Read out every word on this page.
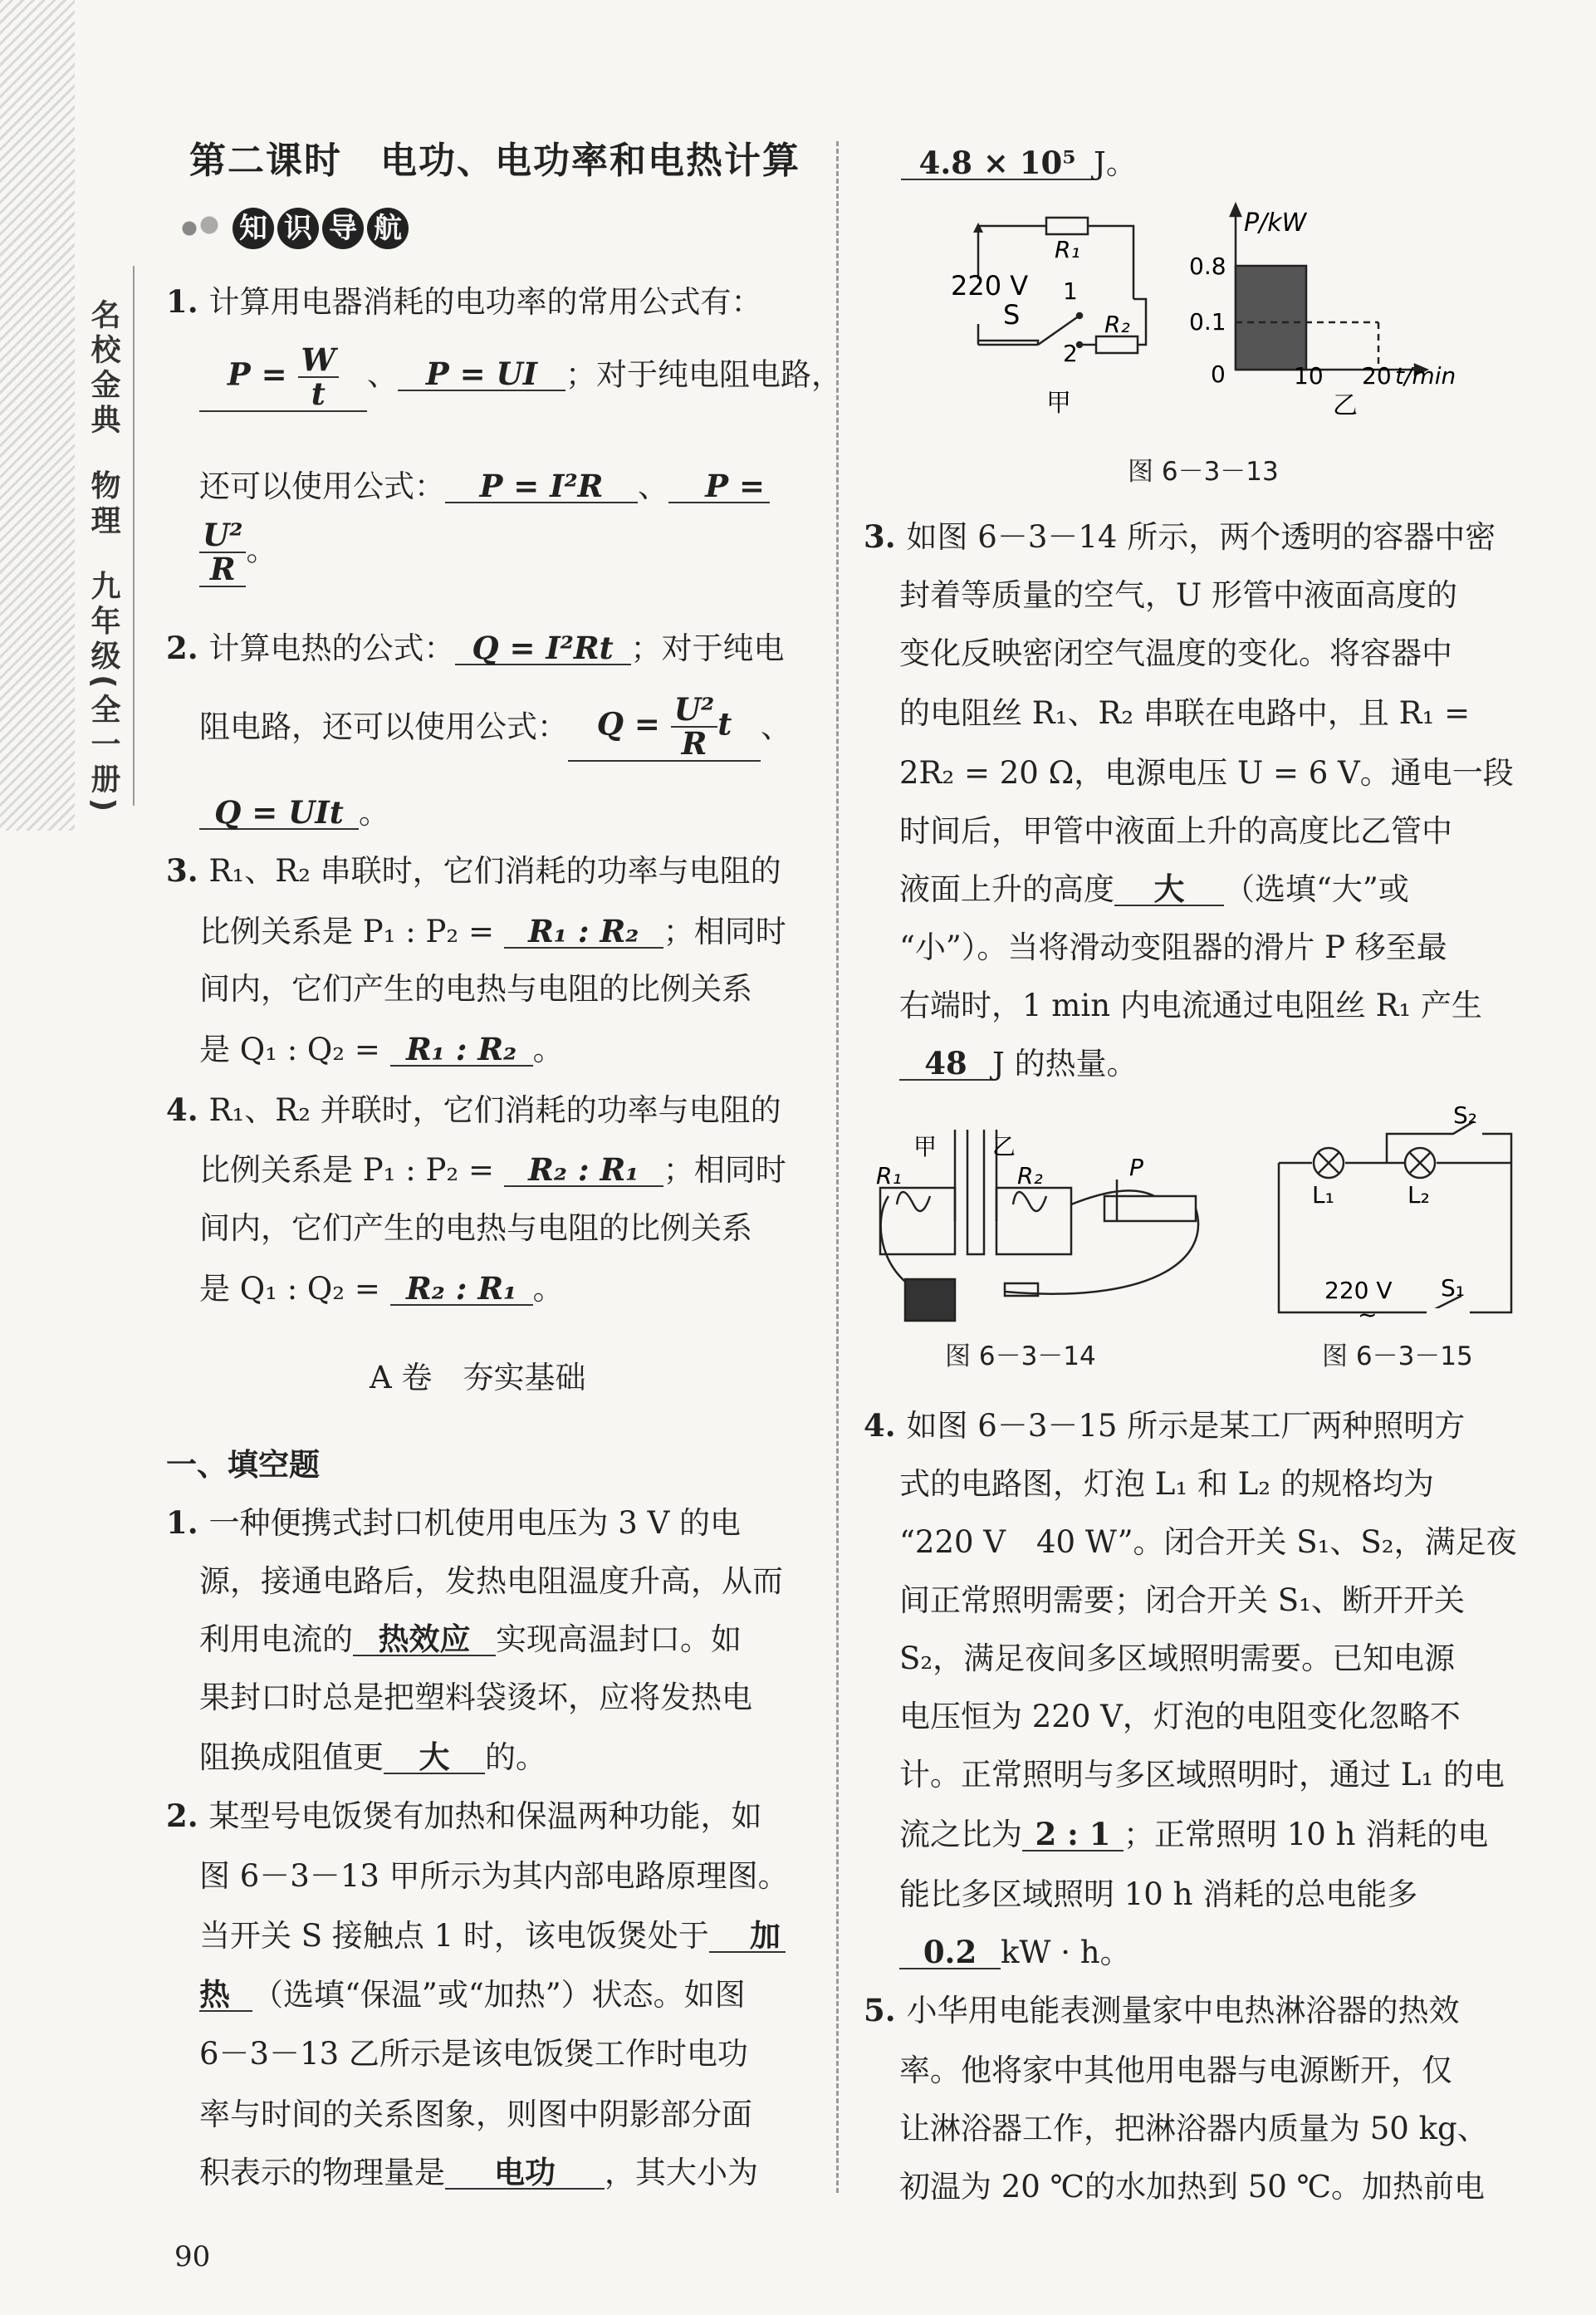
名校金典  物理  九年级(全一册)
第二课时　电功、电功率和电热计算
知 识 导 航
1. 计算用电器消耗的电功率的常用公式有：
$P = \frac{W}{t}$ 、 P = UI ；对于纯电阻电路，
还可以使用公式： P = I²R 、 P =
$\frac{\text{U²}}{R}$ 。
2. 计算电热的公式： Q = I²Rt ；对于纯电
阻电路，还可以使用公式： $Q = \frac{\text{U²}}{R}$ t 、
Q = UIt 。
3. R₁、R₂ 串联时，它们消耗的功率与电阻的
比例关系是 P₁ : P₂ = R₁ : R₂ ；相同时
间内，它们产生的电热与电阻的比例关系
是 Q₁ : Q₂ = R₁ : R₂ 。
4. R₁、R₂ 并联时，它们消耗的功率与电阻的
比例关系是 P₁ : P₂ = R₂ : R₁ ；相同时
间内，它们产生的电热与电阻的比例关系
是 Q₁ : Q₂ = R₂ : R₁ 。
A 卷　夯实基础
一、填空题
1. 一种便携式封口机使用电压为 3 V 的电
源，接通电路后，发热电阻温度升高，从而
利用电流的 热效应 实现高温封口。如
果封口时总是把塑料袋烫坏，应将发热电
阻换成阻值更 大 的。
2. 某型号电饭煲有加热和保温两种功能，如
图 6－3－13 甲所示为其内部电路原理图。
当开关 S 接触点 1 时，该电饭煲处于 加
热 （选填“保温”或“加热”）状态。如图
6－3－13 乙所示是该电饭煲工作时电功
率与时间的关系图象，则图中阴影部分面
积表示的物理量是 电功 ，其大小为
4.8 × 10⁵ J。
220 V
S
R₁
1
2
R₂
甲
P/kW
0.8
0.1
0	10 20 t/min
乙
图 6－3－13
3. 如图 6－3－14 所示，两个透明的容器中密
封着等质量的空气，U 形管中液面高度的
变化反映密闭空气温度的变化。将容器中
的电阻丝 R₁、R₂ 串联在电路中，且 R₁ =
2R₂ = 20 Ω，电源电压 U = 6 V。通电一段
时间后，甲管中液面上升的高度比乙管中
液面上升的高度 大 （选填“大”或
“小”）。当将滑动变阻器的滑片 P 移至最
右端时，1 min 内电流通过电阻丝 R₁ 产生
48 J 的热量。
R₁
甲 乙
R₂	P
图 6－3－14
S₂
L₁	L₂
220 V
~
S₁
图 6－3－15
4. 如图 6－3－15 所示是某工厂两种照明方
式的电路图，灯泡 L₁ 和 L₂ 的规格均为
“220 V　40 W”。闭合开关 S₁、S₂，满足夜
间正常照明需要；闭合开关 S₁、断开开关
S₂，满足夜间多区域照明需要。已知电源
电压恒为 220 V，灯泡的电阻变化忽略不
计。正常照明与多区域照明时，通过 L₁ 的电
流之比为 2 : 1 ；正常照明 10 h 消耗的电
能比多区域照明 10 h 消耗的总电能多
0.2 kW · h。
5. 小华用电能表测量家中电热淋浴器的热效
率。他将家中其他用电器与电源断开，仅
让淋浴器工作，把淋浴器内质量为 50 kg、
初温为 20 ℃的水加热到 50 ℃。加热前电
90
